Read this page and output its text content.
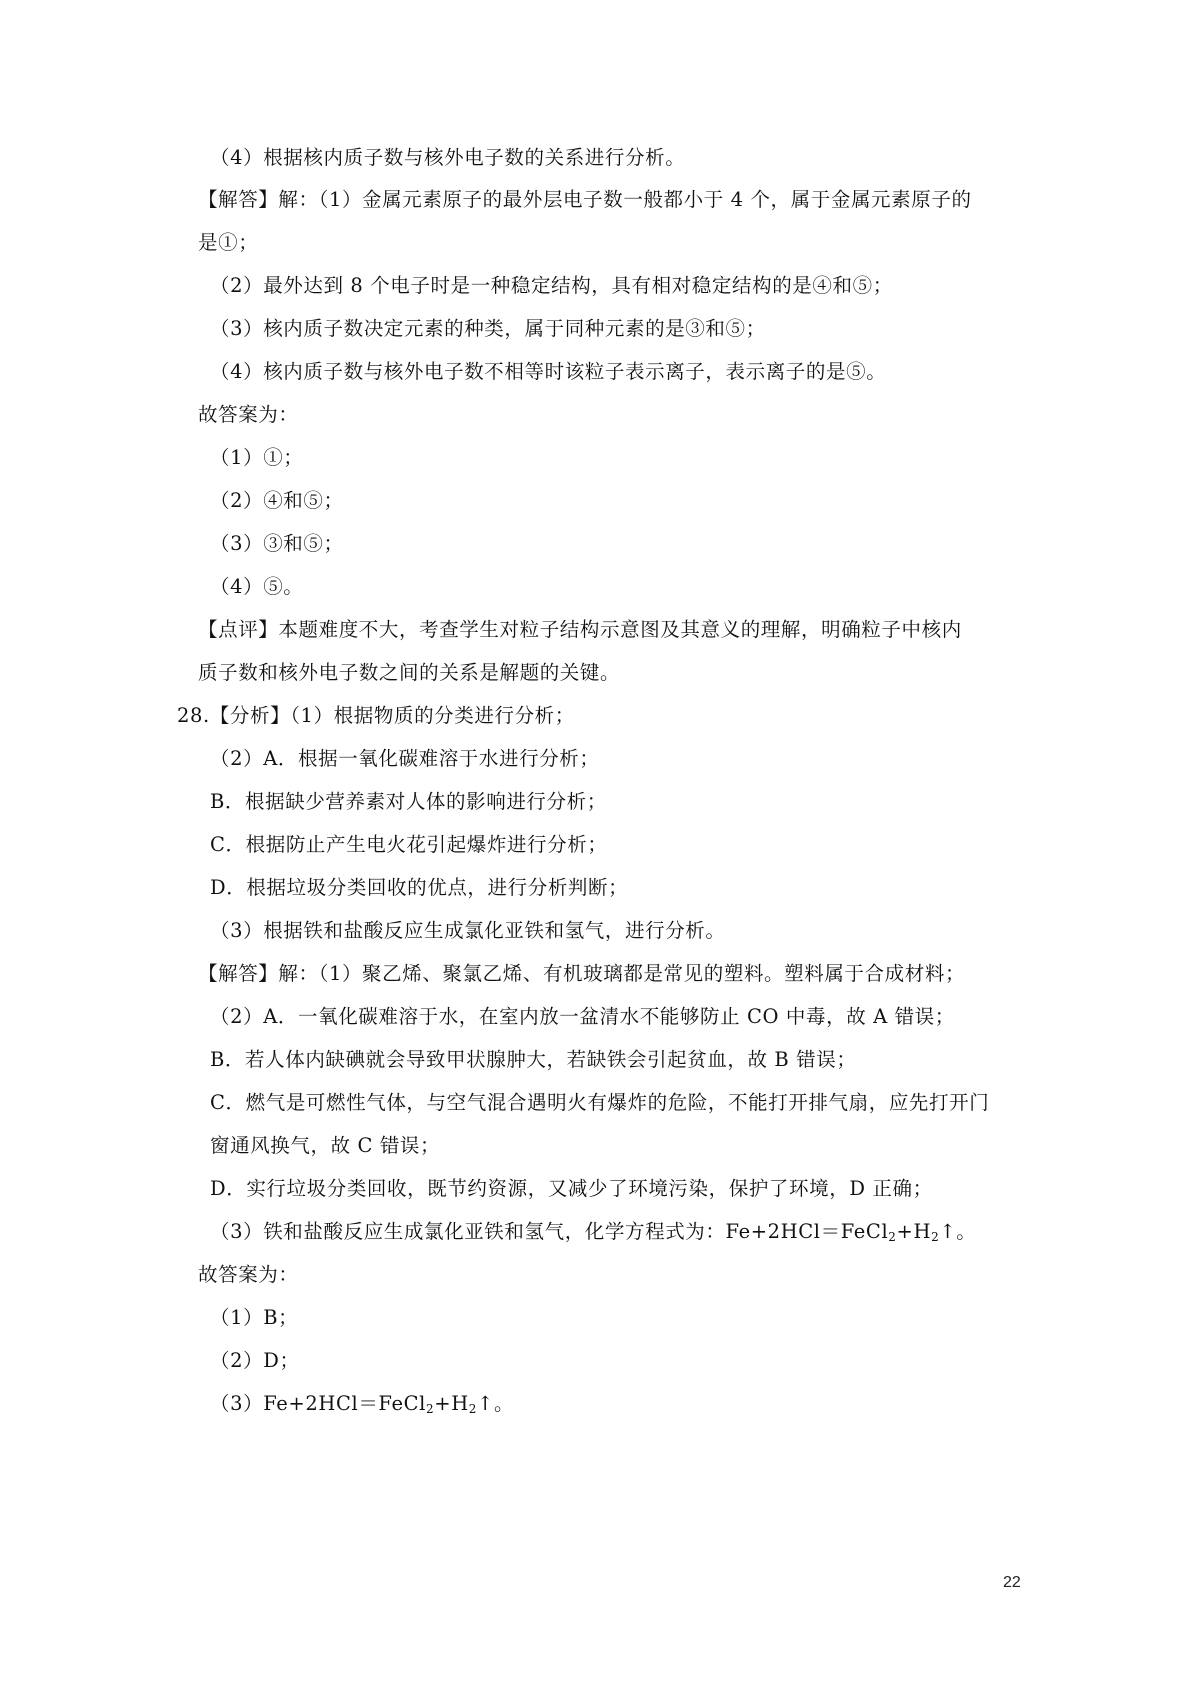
（4）根据核内质子数与核外电子数的关系进行分析。
【解答】解：（1）金属元素原子的最外层电子数一般都小于 4 个，属于金属元素原子的
是①；
（2）最外达到 8 个电子时是一种稳定结构，具有相对稳定结构的是④和⑤；
（3）核内质子数决定元素的种类，属于同种元素的是③和⑤；
（4）核内质子数与核外电子数不相等时该粒子表示离子，表示离子的是⑤。
故答案为：
（1）①；
（2）④和⑤；
（3）③和⑤；
（4）⑤。
【点评】本题难度不大，考查学生对粒子结构示意图及其意义的理解，明确粒子中核内
质子数和核外电子数之间的关系是解题的关键。
28.【分析】（1）根据物质的分类进行分析；
（2）A．根据一氧化碳难溶于水进行分析；
B．根据缺少营养素对人体的影响进行分析；
C．根据防止产生电火花引起爆炸进行分析；
D．根据垃圾分类回收的优点，进行分析判断；
（3）根据铁和盐酸反应生成氯化亚铁和氢气，进行分析。
【解答】解：（1）聚乙烯、聚氯乙烯、有机玻璃都是常见的塑料。塑料属于合成材料；
（2）A．一氧化碳难溶于水，在室内放一盆清水不能够防止 CO 中毒，故 A 错误；
B．若人体内缺碘就会导致甲状腺肿大，若缺铁会引起贫血，故 B 错误；
C．燃气是可燃性气体，与空气混合遇明火有爆炸的危险，不能打开排气扇，应先打开门
窗通风换气，故 C 错误；
D．实行垃圾分类回收，既节约资源，又减少了环境污染，保护了环境，D 正确；
（3）铁和盐酸反应生成氯化亚铁和氢气，化学方程式为：$Fe+2HCl=FeCl_2+H_2↑$。
故答案为：
（1）B；
（2）D；
$(3)Fe+2HCl=FeCl_2+H_2↑$。
22
